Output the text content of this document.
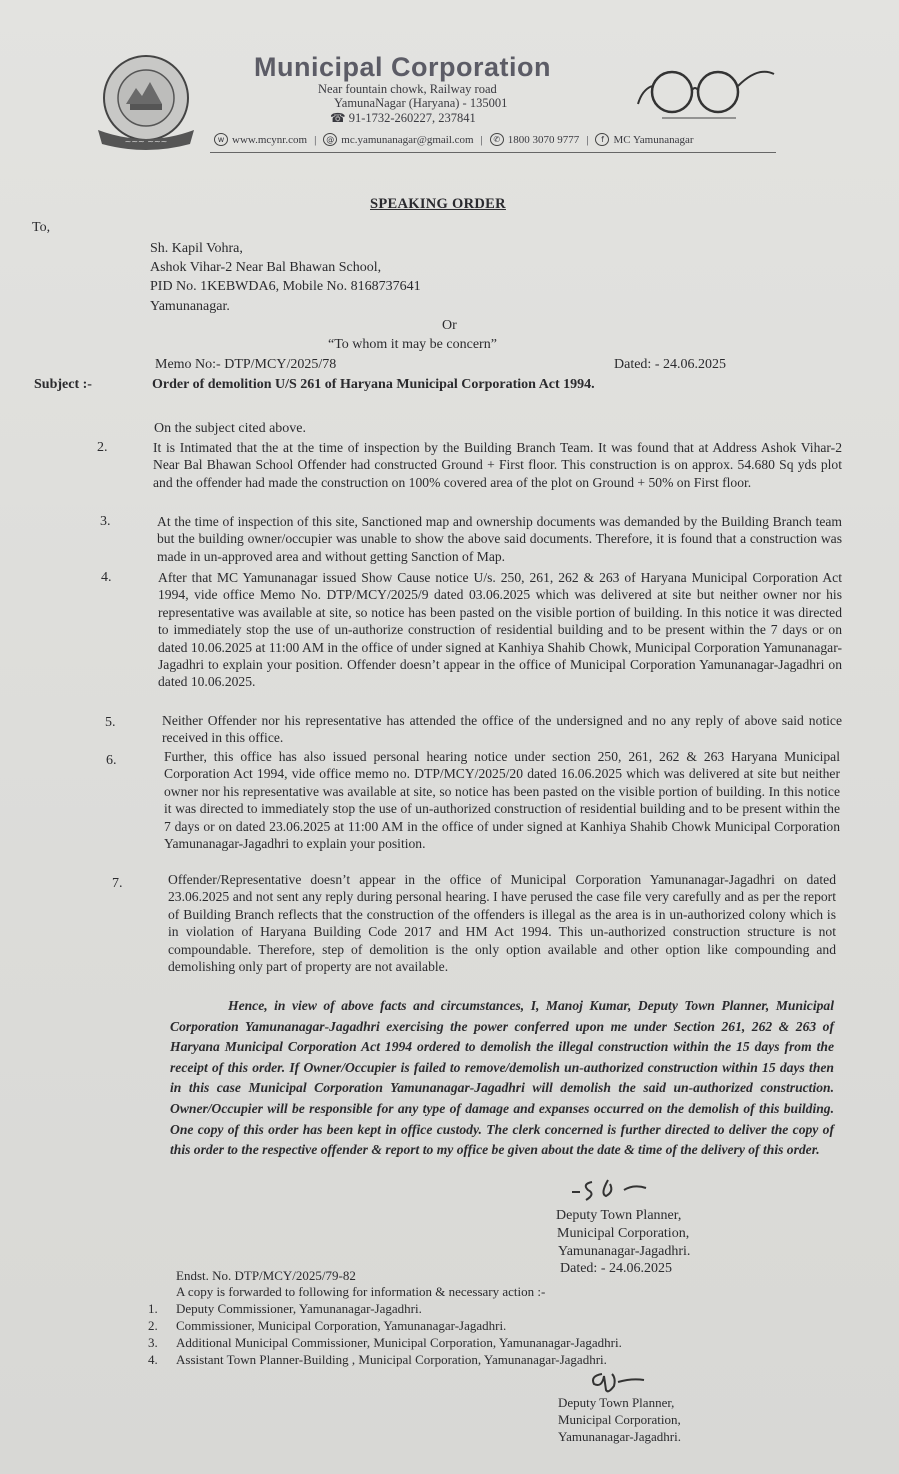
~~~ ~~~
Municipal Corporation
Near fountain chowk, Railway road
YamunaNagar (Haryana) - 135001
☎ 91-1732-260227, 237841
w www.mcynr.com |	@ mc.yamunanagar@gmail.com |	✆ 1800 3070 9777 |	f MC Yamunanagar
SPEAKING ORDER
To,
Sh. Kapil Vohra,
Ashok Vihar-2 Near Bal Bhawan School,
PID No. 1KEBWDA6, Mobile No. 8168737641
Yamunanagar.
Or
“To whom it may be concern”
Memo No:- DTP/MCY/2025/78	Dated: - 24.06.2025
Subject :-	Order of demolition U/S 261 of Haryana Municipal Corporation Act 1994.
On the subject cited above.
2.	It is Intimated that the at the time of inspection by the Building Branch Team. It was found that at Address Ashok Vihar-2 Near Bal Bhawan School Offender had constructed Ground + First floor. This construction is on approx. 54.680 Sq yds plot and the offender had made the construction on 100% covered area of the plot on Ground + 50% on First floor.
3.	At the time of inspection of this site, Sanctioned map and ownership documents was demanded by the Building Branch team but the building owner/occupier was unable to show the above said documents. Therefore, it is found that a construction was made in un-approved area and without getting Sanction of Map.
4.	After that MC Yamunanagar issued Show Cause notice U/s. 250, 261, 262 & 263 of Haryana Municipal Corporation Act 1994, vide office Memo No. DTP/MCY/2025/9 dated 03.06.2025 which was delivered at site but neither owner nor his representative was available at site, so notice has been pasted on the visible portion of building. In this notice it was directed to immediately stop the use of un-authorize construction of residential building and to be present within the 7 days or on dated 10.06.2025 at 11:00 AM in the office of under signed at Kanhiya Shahib Chowk, Municipal Corporation Yamunanagar-Jagadhri to explain your position. Offender doesn’t appear in the office of Municipal Corporation Yamunanagar-Jagadhri on dated 10.06.2025.
5.	Neither Offender nor his representative has attended the office of the undersigned and no any reply of above said notice received in this office.
6.	Further, this office has also issued personal hearing notice under section 250, 261, 262 & 263 Haryana Municipal Corporation Act 1994, vide office memo no. DTP/MCY/2025/20 dated 16.06.2025 which was delivered at site but neither owner nor his representative was available at site, so notice has been pasted on the visible portion of building. In this notice it was directed to immediately stop the use of un-authorized construction of residential building and to be present within the 7 days or on dated 23.06.2025 at 11:00 AM in the office of under signed at Kanhiya Shahib Chowk Municipal Corporation Yamunanagar-Jagadhri to explain your position.
7.	Offender/Representative doesn’t appear in the office of Municipal Corporation Yamunanagar-Jagadhri on dated 23.06.2025 and not sent any reply during personal hearing. I have perused the case file very carefully and as per the report of Building Branch reflects that the construction of the offenders is illegal as the area is in un-authorized colony which is in violation of Haryana Building Code 2017 and HM Act 1994. This un-authorized construction structure is not compoundable. Therefore, step of demolition is the only option available and other option like compounding and demolishing only part of property are not available.
Hence, in view of above facts and circumstances, I, Manoj Kumar, Deputy Town Planner, Municipal Corporation Yamunanagar-Jagadhri exercising the power conferred upon me under Section 261, 262 & 263 of Haryana Municipal Corporation Act 1994 ordered to demolish the illegal construction within the 15 days from the receipt of this order. If Owner/Occupier is failed to remove/demolish un-authorized construction within 15 days then in this case Municipal Corporation Yamunanagar-Jagadhri will demolish the said un-authorized construction. Owner/Occupier will be responsible for any type of damage and expanses occurred on the demolish of this building. One copy of this order has been kept in office custody. The clerk concerned is further directed to deliver the copy of this order to the respective offender & report to my office be given about the date & time of the delivery of this order.
Deputy Town Planner,
Municipal Corporation,
Yamunanagar-Jagadhri.
Dated: - 24.06.2025
Endst. No. DTP/MCY/2025/79-82
A copy is forwarded to following for information & necessary action :-
1. Deputy Commissioner, Yamunanagar-Jagadhri.
2. Commissioner, Municipal Corporation, Yamunanagar-Jagadhri.
3. Additional Municipal Commissioner, Municipal Corporation, Yamunanagar-Jagadhri.
4. Assistant Town Planner-Building , Municipal Corporation, Yamunanagar-Jagadhri.
Deputy Town Planner,
Municipal Corporation,
Yamunanagar-Jagadhri.
